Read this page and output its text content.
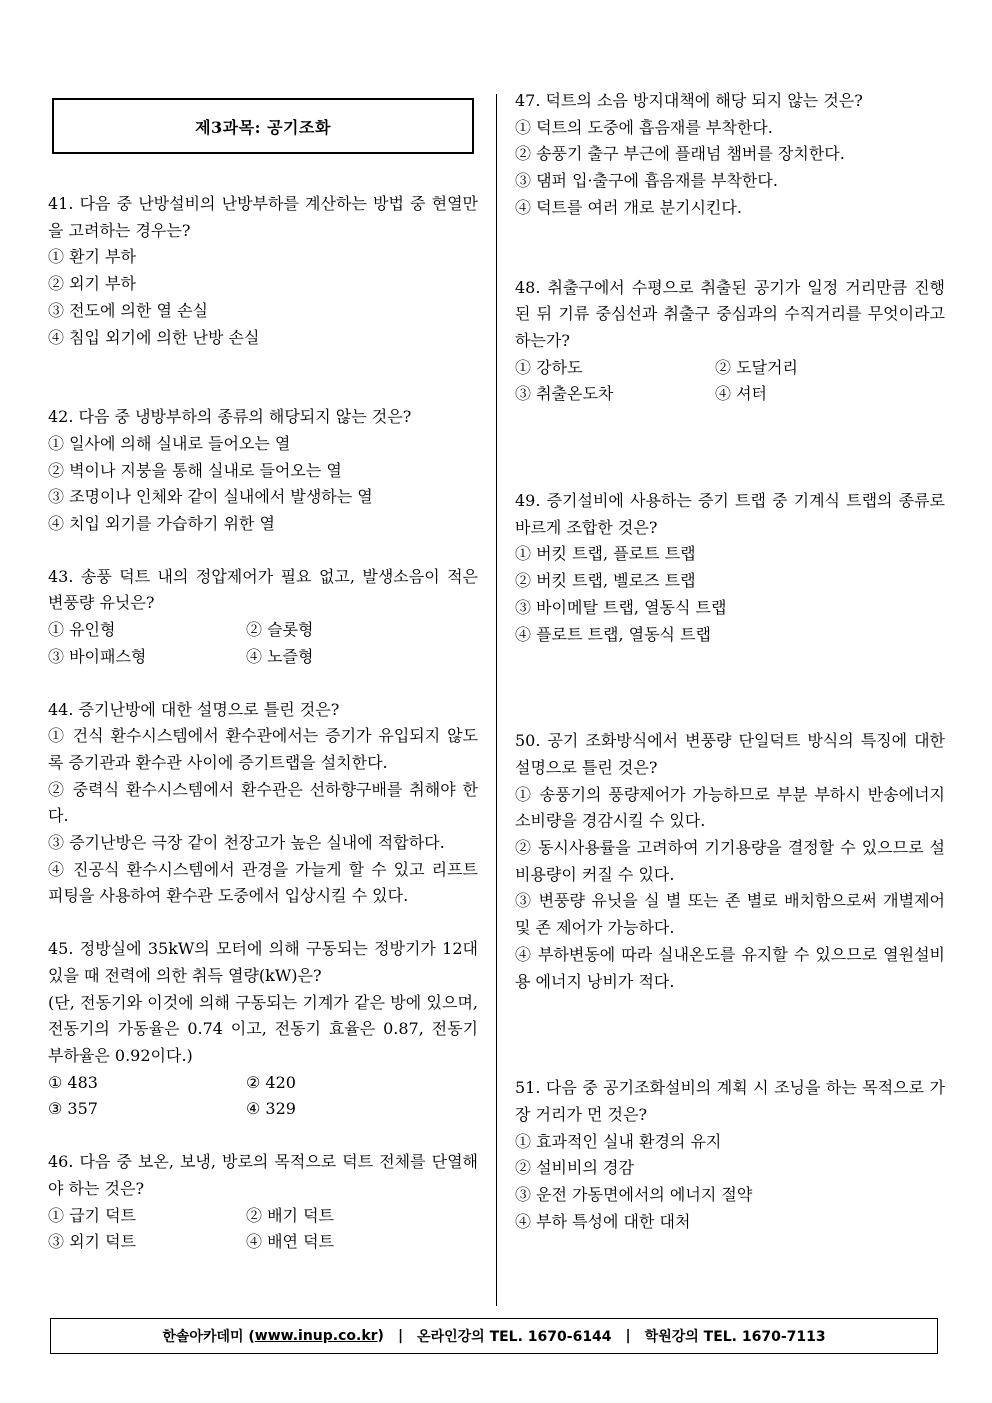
제3과목: 공기조화
41. 다음 중 난방설비의 난방부하를 계산하는 방법 중 현열만을 고려하는 경우는?
① 환기 부하
② 외기 부하
③ 전도에 의한 열 손실
④ 침입 외기에 의한 난방 손실
42. 다음 중 냉방부하의 종류의 해당되지 않는 것은?
① 일사에 의해 실내로 들어오는 열
② 벽이나 지붕을 통해 실내로 들어오는 열
③ 조명이나 인체와 같이 실내에서 발생하는 열
④ 치입 외기를 가습하기 위한 열
43. 송풍 덕트 내의 정압제어가 필요 없고, 발생소음이 적은 변풍량 유닛은?
① 유인형	② 슬롯형
③ 바이패스형	④ 노즐형
44. 증기난방에 대한 설명으로 틀린 것은?
① 건식 환수시스템에서 환수관에서는 증기가 유입되지 않도록 증기관과 환수관 사이에 증기트랩을 설치한다.
② 중력식 환수시스템에서 환수관은 선하향구배를 취해야 한다.
③ 증기난방은 극장 같이 천장고가 높은 실내에 적합하다.
④ 진공식 환수시스템에서 관경을 가늘게 할 수 있고 리프트 피팅을 사용하여 환수관 도중에서 입상시킬 수 있다.
45. 정방실에 35kW의 모터에 의해 구동되는 정방기가 12대 있을 때 전력에 의한 취득 열량(kW)은?
(단, 전동기와 이것에 의해 구동되는 기계가 같은 방에 있으며, 전동기의 가동율은 0.74 이고, 전동기 효율은 0.87, 전동기 부하율은 0.92이다.)
① 483	② 420
③ 357	④ 329
46. 다음 중 보온, 보냉, 방로의 목적으로 덕트 전체를 단열해야 하는 것은?
① 급기 덕트	② 배기 덕트
③ 외기 덕트	④ 배연 덕트
47. 덕트의 소음 방지대책에 해당 되지 않는 것은?
① 덕트의 도중에 흡음재를 부착한다.
② 송풍기 출구 부근에 플래넘 챔버를 장치한다.
③ 댐퍼 입·출구에 흡음재를 부착한다.
④ 덕트를 여러 개로 분기시킨다.
48. 취출구에서 수평으로 취출된 공기가 일정 거리만큼 진행된 뒤 기류 중심선과 취출구 중심과의 수직거리를 무엇이라고 하는가?
① 강하도	② 도달거리
③ 취출온도차	④ 셔터
49. 증기설비에 사용하는 증기 트랩 중 기계식 트랩의 종류로 바르게 조합한 것은?
① 버킷 트랩, 플로트 트랩
② 버킷 트랩, 벨로즈 트랩
③ 바이메탈 트랩, 열동식 트랩
④ 플로트 트랩, 열동식 트랩
50. 공기 조화방식에서 변풍량 단일덕트 방식의 특징에 대한 설명으로 틀린 것은?
① 송풍기의 풍량제어가 가능하므로 부분 부하시 반송에너지 소비량을 경감시킬 수 있다.
② 동시사용률을 고려하여 기기용량을 결정할 수 있으므로 설비용량이 커질 수 있다.
③ 변풍량 유닛을 실 별 또는 존 별로 배치함으로써 개별제어 및 존 제어가 가능하다.
④ 부하변동에 따라 실내온도를 유지할 수 있으므로 열원설비용 에너지 낭비가 적다.
51. 다음 중 공기조화설비의 계획 시 조닝을 하는 목적으로 가장 거리가 먼 것은?
① 효과적인 실내 환경의 유지
② 설비비의 경감
③ 운전 가동면에서의 에너지 절약
④ 부하 특성에 대한 대처
한솔아카데미 ( www.inup.co.kr ) | 온라인강의 TEL. 1670-6144 | 학원강의 TEL. 1670-7113
